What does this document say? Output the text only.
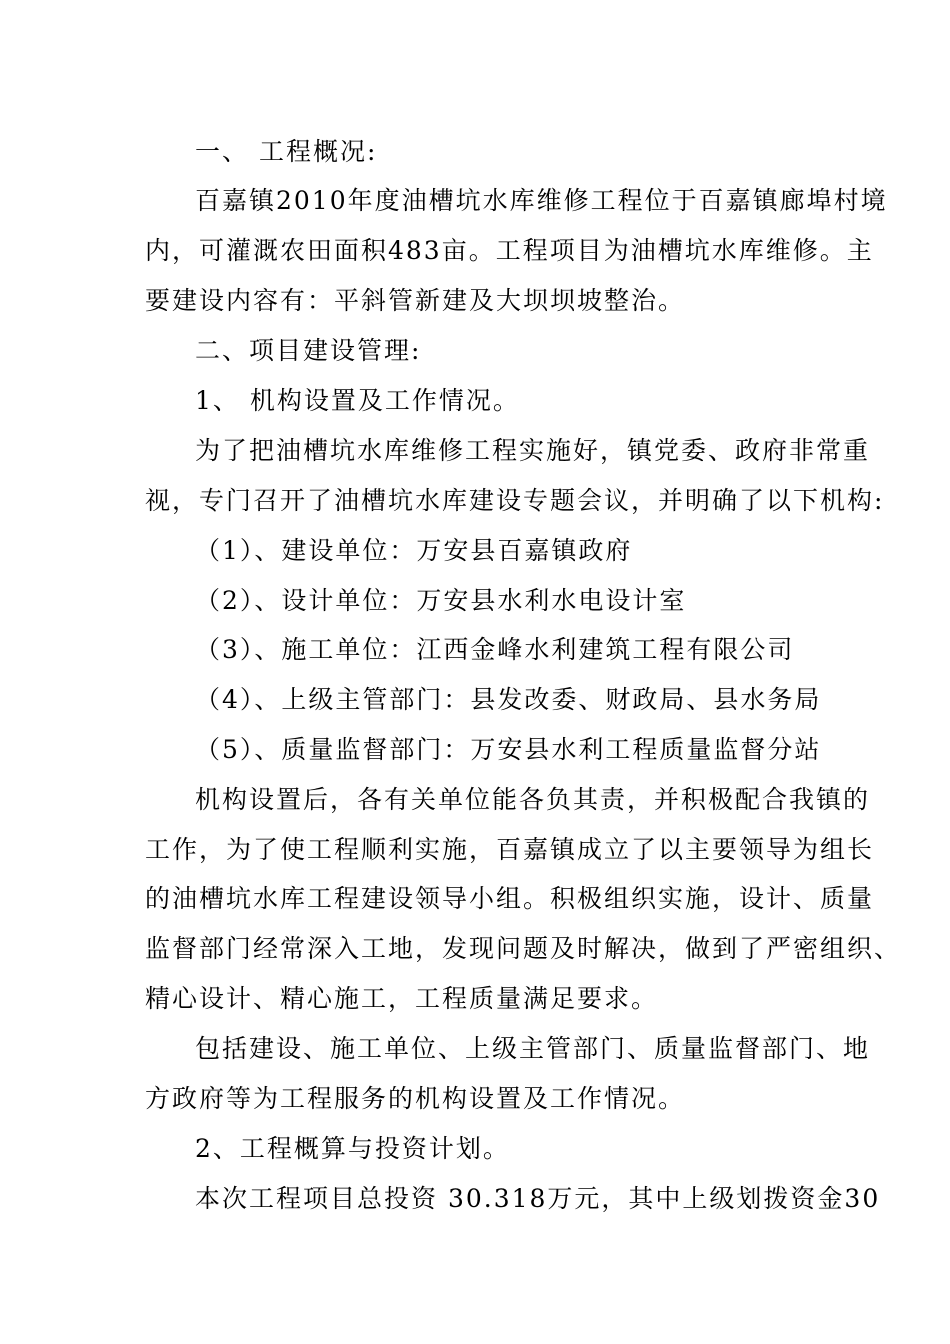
一、 工程概况:
百嘉镇2010年度油槽坑水库维修工程位于百嘉镇廊埠村境
内，可灌溉农田面积483亩。工程项目为油槽坑水库维修。主
要建设内容有：平斜管新建及大坝坝坡整治。
二、项目建设管理:
1、 机构设置及工作情况。
为了把油槽坑水库维修工程实施好，镇党委、政府非常重
视，专门召开了油槽坑水库建设专题会议，并明确了以下机构:
（1）、建设单位：万安县百嘉镇政府
（2）、设计单位：万安县水利水电设计室
（3）、施工单位：江西金峰水利建筑工程有限公司
（4）、上级主管部门：县发改委、财政局、县水务局
（5）、质量监督部门：万安县水利工程质量监督分站
机构设置后，各有关单位能各负其责，并积极配合我镇的
工作，为了使工程顺利实施，百嘉镇成立了以主要领导为组长
的油槽坑水库工程建设领导小组。积极组织实施，设计、质量
监督部门经常深入工地，发现问题及时解决，做到了严密组织、
精心设计、精心施工，工程质量满足要求。
包括建设、施工单位、上级主管部门、质量监督部门、地
方政府等为工程服务的机构设置及工作情况。
2、工程概算与投资计划。
本次工程项目总投资 30.318万元，其中上级划拨资金30
